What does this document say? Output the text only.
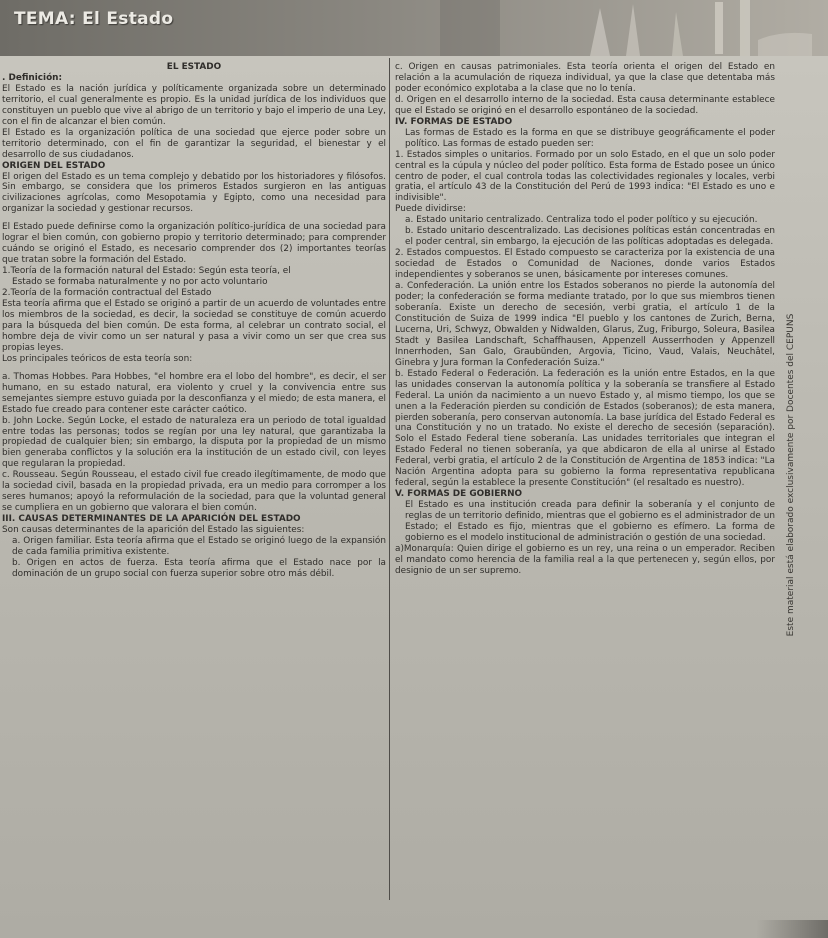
TEMA: El Estado

EL ESTADO

. Definición:

El Estado es la nación jurídica y políticamente organizada sobre un determinado territorio, el cual generalmente es propio. Es la unidad jurídica de los individuos que constituyen un pueblo que vive al abrigo de un territorio y bajo el imperio de una Ley, con el fin de alcanzar el bien común.

El Estado es la organización política de una sociedad que ejerce poder sobre un territorio determinado, con el fin de garantizar la seguridad, el bienestar y el desarrollo de sus ciudadanos.

ORIGEN DEL ESTADO

El origen del Estado es un tema complejo y debatido por los historiadores y filósofos. Sin embargo, se considera que los primeros Estados surgieron en las antiguas civilizaciones agrícolas, como Mesopotamia y Egipto, como una necesidad para organizar la sociedad y gestionar recursos.

El Estado puede definirse como la organización político-jurídica de una sociedad para lograr el bien común, con gobierno propio y territorio determinado; para comprender cuándo se originó el Estado, es necesario comprender dos (2) importantes teorías que tratan sobre la formación del Estado.

1.Teoría de la formación natural del Estado: Según esta teoría, el

Estado se formaba naturalmente y no por acto voluntario

2.Teoría de la formación contractual del Estado

Esta teoría afirma que el Estado se originó a partir de un acuerdo de voluntades entre los miembros de la sociedad, es decir, la sociedad se constituye de común acuerdo para la búsqueda del bien común. De esta forma, al celebrar un contrato social, el hombre deja de vivir como un ser natural y pasa a vivir como un ser que crea sus propias leyes.

Los principales teóricos de esta teoría son:

a. Thomas Hobbes. Para Hobbes, "el hombre era el lobo del hombre", es decir, el ser humano, en su estado natural, era violento y cruel y la convivencia entre sus semejantes siempre estuvo guiada por la desconfianza y el miedo; de esta manera, el Estado fue creado para contener este carácter caótico.

b. John Locke. Según Locke, el estado de naturaleza era un periodo de total igualdad entre todas las personas; todos se regían por una ley natural, que garantizaba la propiedad de cualquier bien; sin embargo, la disputa por la propiedad de un mismo bien generaba conflictos y la solución era la institución de un estado civil, con leyes que regularan la propiedad.

c. Rousseau. Según Rousseau, el estado civil fue creado ilegítimamente, de modo que la sociedad civil, basada en la propiedad privada, era un medio para corromper a los seres humanos; apoyó la reformulación de la sociedad, para que la voluntad general se cumpliera en un gobierno que valorara el bien común.

III. CAUSAS DETERMINANTES DE LA APARICIÓN DEL ESTADO

Son causas determinantes de la aparición del Estado las siguientes:

a. Origen familiar. Esta teoría afirma que el Estado se originó luego de la expansión de cada familia primitiva existente.

b. Origen en actos de fuerza. Esta teoría afirma que el Estado nace por la dominación de un grupo social con fuerza superior sobre otro más débil.

c. Origen en causas patrimoniales. Esta teoría orienta el origen del Estado en relación a la acumulación de riqueza individual, ya que la clase que detentaba más poder económico explotaba a la clase que no lo tenía.

d. Origen en el desarrollo interno de la sociedad. Esta causa determinante establece que el Estado se originó en el desarrollo espontáneo de la sociedad.

IV. FORMAS DE ESTADO

Las formas de Estado es la forma en que se distribuye geográficamente el poder político. Las formas de estado pueden ser:

1. Estados simples o unitarios. Formado por un solo Estado, en el que un solo poder central es la cúpula y núcleo del poder político. Esta forma de Estado posee un único centro de poder, el cual controla todas las colectividades regionales y locales, verbi gratia, el artículo 43 de la Constitución del Perú de 1993 indica: "El Estado es uno e indivisible".

Puede dividirse:

a. Estado unitario centralizado. Centraliza todo el poder político y su ejecución.

b. Estado unitario descentralizado. Las decisiones políticas están concentradas en el poder central, sin embargo, la ejecución de las políticas adoptadas es delegada.

2. Estados compuestos. El Estado compuesto se caracteriza por la existencia de una sociedad de Estados o Comunidad de Naciones, donde varios Estados independientes y soberanos se unen, básicamente por intereses comunes.

a. Confederación. La unión entre los Estados soberanos no pierde la autonomía del poder; la confederación se forma mediante tratado, por lo que sus miembros tienen soberanía. Existe un derecho de secesión, verbi gratia, el artículo 1 de la Constitución de Suiza de 1999 indica "El pueblo y los cantones de Zurich, Berna, Lucerna, Uri, Schwyz, Obwalden y Nidwalden, Glarus, Zug, Friburgo, Soleura, Basilea Stadt y Basilea Landschaft, Schaffhausen, Appenzell Ausserrhoden y Appenzell Innerrhoden, San Galo, Graubünden, Argovia, Ticino, Vaud, Valais, Neuchâtel, Ginebra y Jura forman la Confederación Suiza."

b. Estado Federal o Federación. La federación es la unión entre Estados, en la que las unidades conservan la autonomía política y la soberanía se transfiere al Estado Federal. La unión da nacimiento a un nuevo Estado y, al mismo tiempo, los que se unen a la Federación pierden su condición de Estados (soberanos); de esta manera, pierden soberanía, pero conservan autonomía. La base jurídica del Estado Federal es una Constitución y no un tratado. No existe el derecho de secesión (separación). Solo el Estado Federal tiene soberanía. Las unidades territoriales que integran el Estado Federal no tienen soberanía, ya que abdicaron de ella al unirse al Estado Federal, verbi gratia, el artículo 2 de la Constitución de Argentina de 1853 indica: "La Nación Argentina adopta para su gobierno la forma representativa republicana federal, según la establece la presente Constitución" (el resaltado es nuestro).

V. FORMAS DE GOBIERNO

El Estado es una institución creada para definir la soberanía y el conjunto de reglas de un territorio definido, mientras que el gobierno es el administrador de un Estado; el Estado es fijo, mientras que el gobierno es efímero. La forma de gobierno es el modelo institucional de administración o gestión de una sociedad.

a)Monarquía: Quien dirige el gobierno es un rey, una reina o un emperador. Reciben el mandato como herencia de la familia real a la que pertenecen y, según ellos, por designio de un ser supremo.	Este material está elaborado exclusivamente por Docentes del CEPUNS
